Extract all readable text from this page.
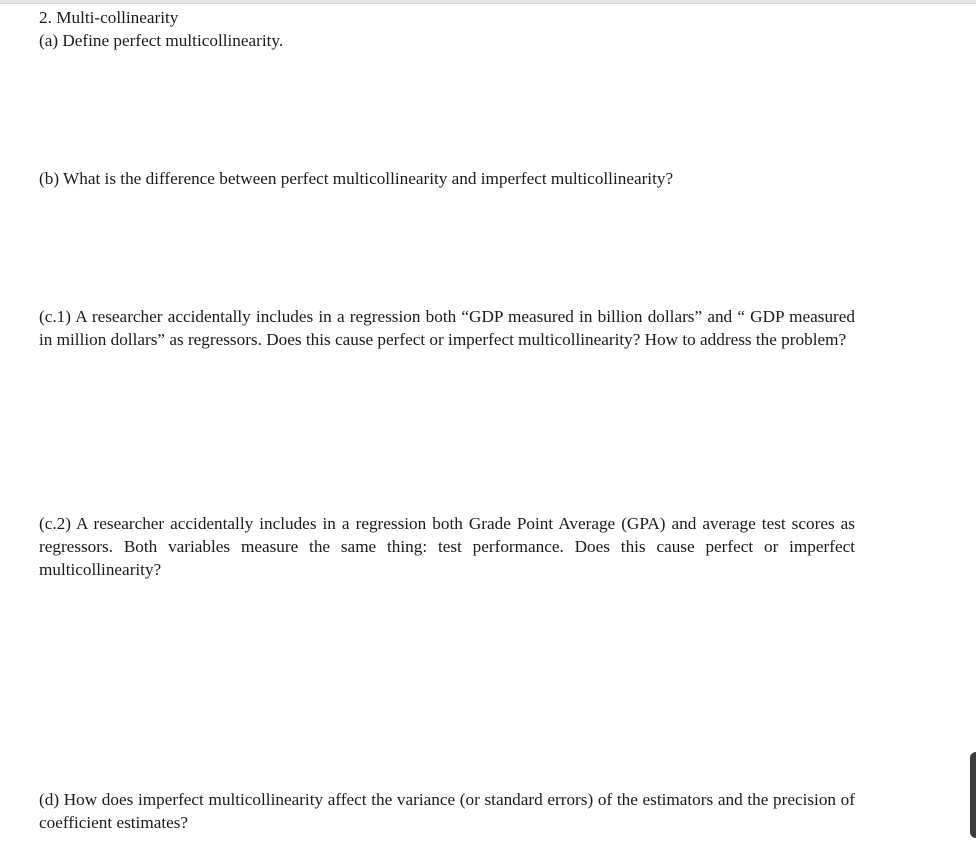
2. Multi-collinearity

(a) Define perfect multicollinearity.

(b) What is the difference between perfect multicollinearity and imperfect multicollinearity?

(c.1) A researcher accidentally includes in a regression both “GDP measured in billion dollars” and “ GDP measured in million dollars” as regressors. Does this cause perfect or imperfect multicollinearity? How to address the problem?

(c.2) A researcher accidentally includes in a regression both Grade Point Average (GPA) and average test scores as regressors. Both variables measure the same thing: test performance. Does this cause perfect or imperfect multicollinearity?

(d) How does imperfect multicollinearity affect the variance (or standard errors) of the estimators and the precision of coefficient estimates?
